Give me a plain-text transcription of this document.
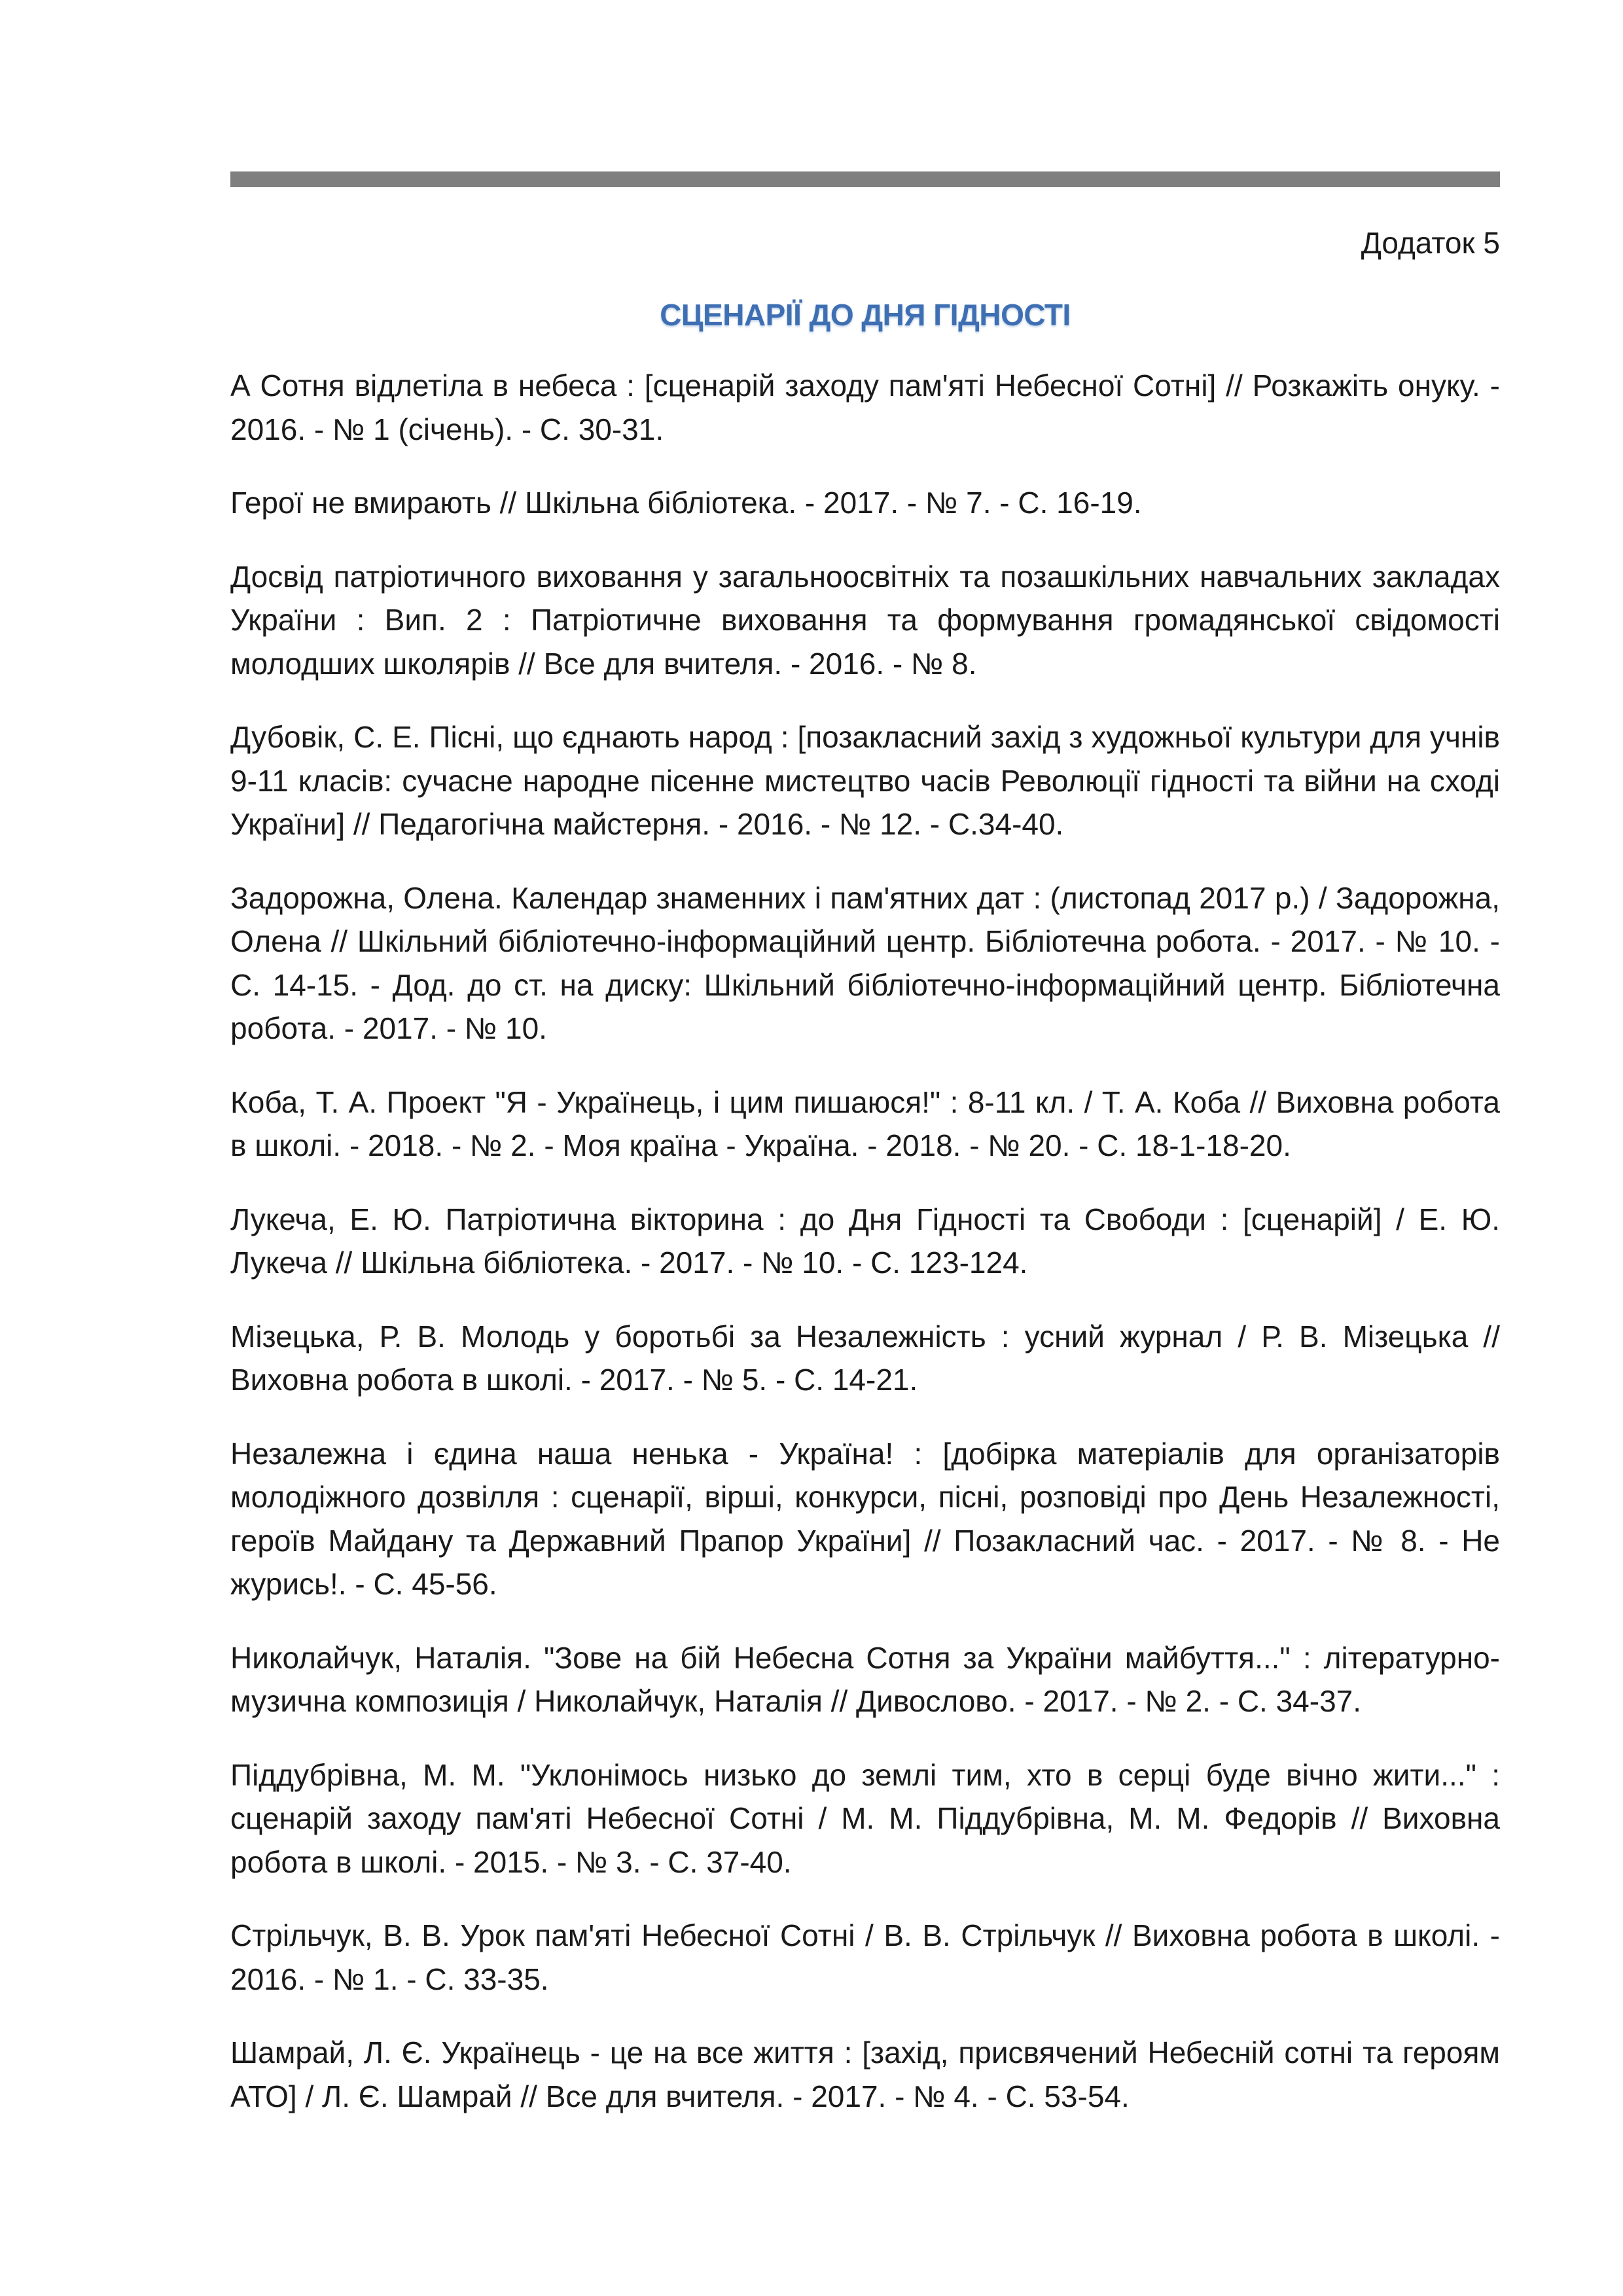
Додаток 5
СЦЕНАРІЇ ДО ДНЯ ГІДНОСТІ
А Сотня відлетіла в небеса : [сценарій заходу пам'яті Небесної Сотні] // Розкажіть онуку. - 2016. - № 1 (січень). - С. 30-31.
Герої не вмирають // Шкільна бібліотека. - 2017. - № 7. - С. 16-19.
Досвід патріотичного виховання у загальноосвітніх та позашкільних навчальних закладах України : Вип. 2 : Патріотичне виховання та формування громадянської свідомості молодших школярів // Все для вчителя. - 2016. - № 8.
Дубовік, С. Е. Пісні, що єднають народ : [позакласний захід з художньої культури для учнів 9-11 класів: сучасне народне пісенне мистецтво часів Революції гідності та війни на сході України] // Педагогічна майстерня. - 2016. - № 12. - С.34-40.
Задорожна, Олена. Календар знаменних і пам'ятних дат : (листопад 2017 р.) / Задорожна, Олена // Шкільний бібліотечно-інформаційний центр. Бібліотечна робота. - 2017. - № 10. - С. 14-15. - Дод. до ст. на диску: Шкільний бібліотечно-інформаційний центр. Бібліотечна робота. - 2017. - № 10.
Коба, Т. А. Проект "Я - Українець, і цим пишаюся!" : 8-11 кл. / Т. А. Коба // Виховна робота в школі. - 2018. - № 2. - Моя країна - Україна. - 2018. - № 20. - С. 18-1-18-20.
Лукеча, Е. Ю. Патріотична вікторина : до Дня Гідності та Свободи : [сценарій] / Е. Ю. Лукеча // Шкільна бібліотека. - 2017. - № 10. - С. 123-124.
Мізецька, Р. В. Молодь у боротьбі за Незалежність : усний журнал / Р. В. Мізецька // Виховна робота в школі. - 2017. - № 5. - С. 14-21.
Незалежна і єдина наша ненька - Україна! : [добірка матеріалів для організаторів молодіжного дозвілля : сценарії, вірші, конкурси, пісні, розповіді про День Незалежності, героїв Майдану та Державний Прапор України] // Позакласний час. - 2017. - № 8. - Не журись!. - С. 45-56.
Николайчук, Наталія. "Зове на бій Небесна Сотня за України майбуття..." : літературно-музична композиція / Николайчук, Наталія // Дивослово. - 2017. - № 2. - С. 34-37.
Піддубрівна, М. М. "Уклонімось низько до землі тим, хто в серці буде вічно жити..." : сценарій заходу пам'яті Небесної Сотні / М. М. Піддубрівна, М. М. Федорів // Виховна робота в школі. - 2015. - № 3. - С. 37-40.
Стрільчук, В. В. Урок пам'яті Небесної Сотні / В. В. Стрільчук // Виховна робота в школі. - 2016. - № 1. - С. 33-35.
Шамрай, Л. Є. Українець - це на все життя : [захід, присвячений Небесній сотні та героям АТО] / Л. Є. Шамрай // Все для вчителя. - 2017. - № 4. - С. 53-54.
